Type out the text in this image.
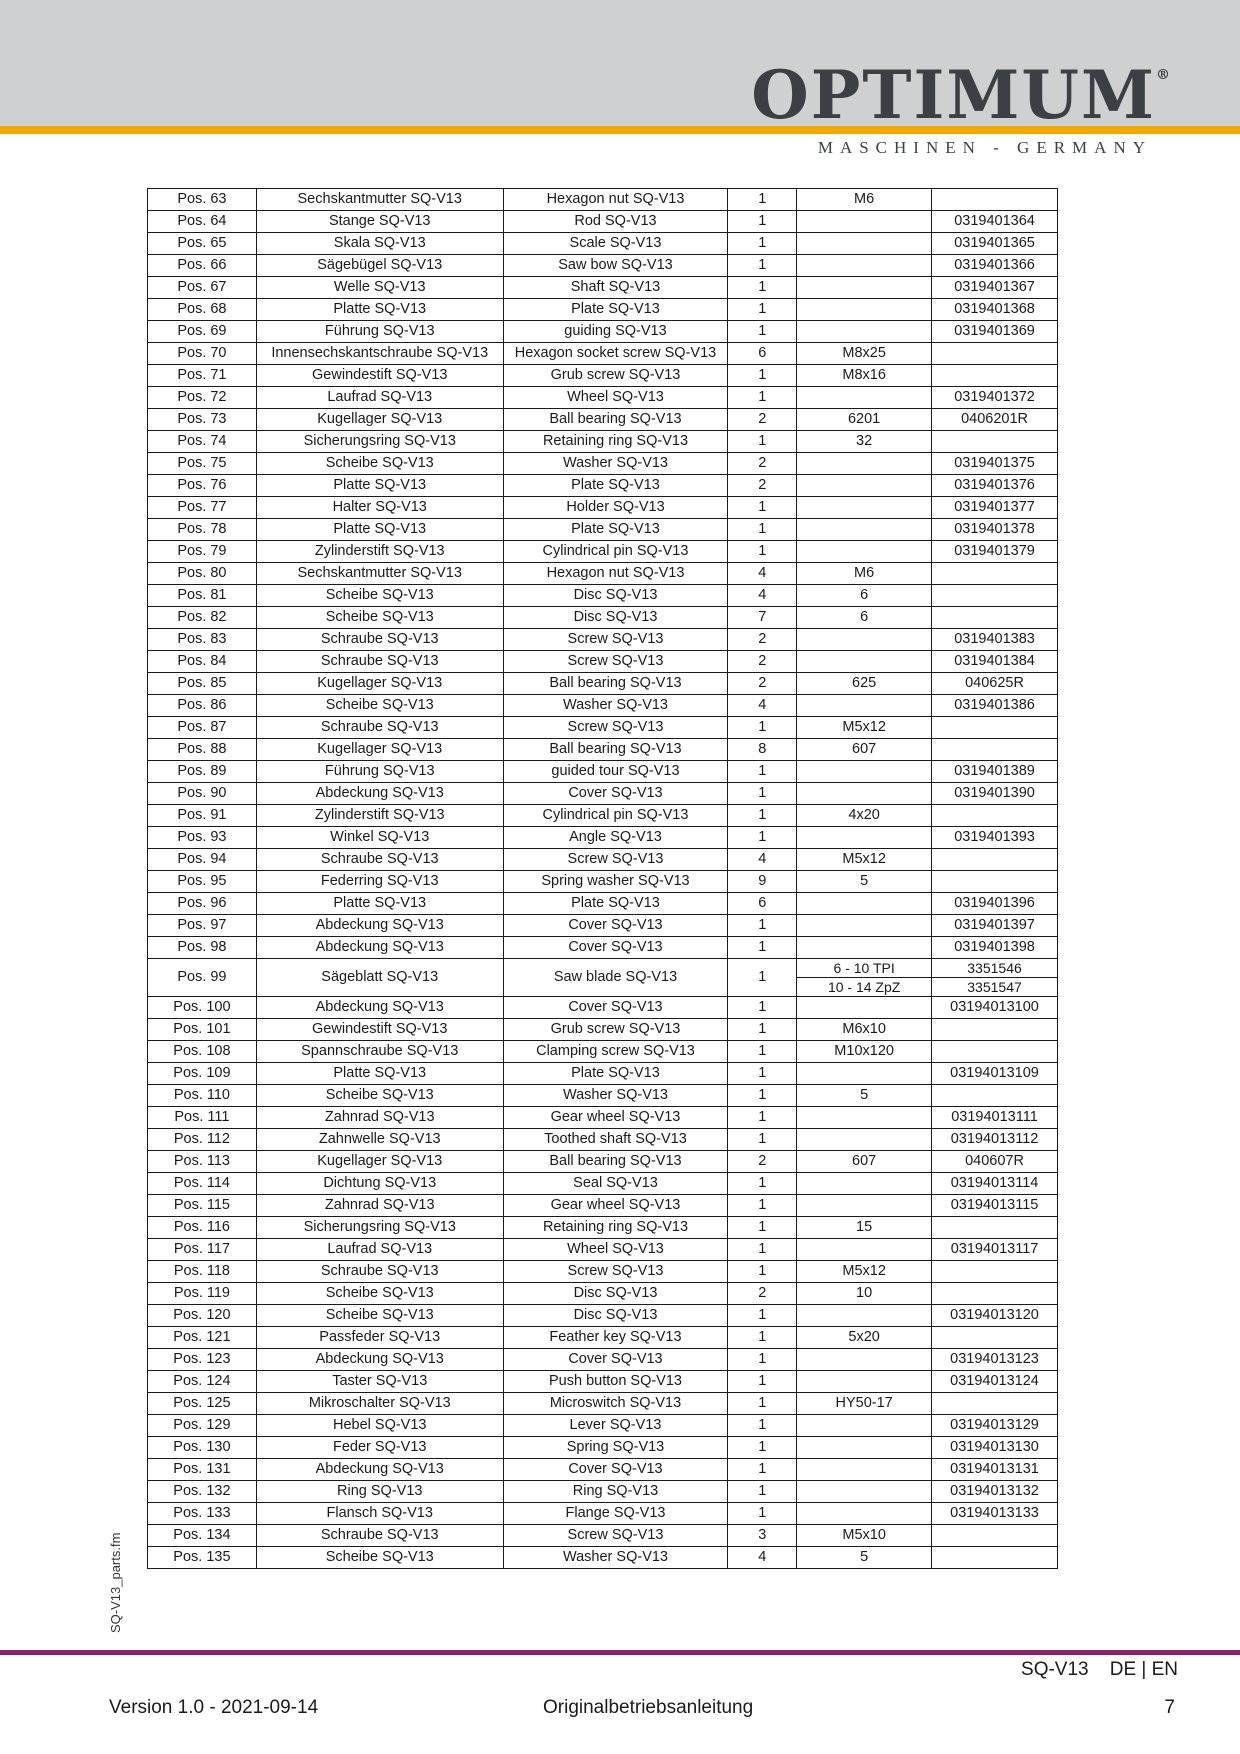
OPTIMUM®
MASCHINEN - GERMANY
Pos. 63	Sechskantmutter SQ-V13	Hexagon nut SQ-V13	1	M6	
Pos. 64	Stange SQ-V13	Rod SQ-V13	1		0319401364
Pos. 65	Skala SQ-V13	Scale SQ-V13	1		0319401365
Pos. 66	Sägebügel SQ-V13	Saw bow SQ-V13	1		0319401366
Pos. 67	Welle SQ-V13	Shaft SQ-V13	1		0319401367
Pos. 68	Platte SQ-V13	Plate SQ-V13	1		0319401368
Pos. 69	Führung SQ-V13	guiding SQ-V13	1		0319401369
Pos. 70	Innensechskantschraube SQ-V13	Hexagon socket screw SQ-V13	6	M8x25	
Pos. 71	Gewindestift SQ-V13	Grub screw SQ-V13	1	M8x16	
Pos. 72	Laufrad SQ-V13	Wheel SQ-V13	1		0319401372
Pos. 73	Kugellager SQ-V13	Ball bearing SQ-V13	2	6201	0406201R
Pos. 74	Sicherungsring SQ-V13	Retaining ring SQ-V13	1	32	
Pos. 75	Scheibe SQ-V13	Washer SQ-V13	2		0319401375
Pos. 76	Platte SQ-V13	Plate SQ-V13	2		0319401376
Pos. 77	Halter SQ-V13	Holder SQ-V13	1		0319401377
Pos. 78	Platte SQ-V13	Plate SQ-V13	1		0319401378
Pos. 79	Zylinderstift SQ-V13	Cylindrical pin SQ-V13	1		0319401379
Pos. 80	Sechskantmutter SQ-V13	Hexagon nut SQ-V13	4	M6	
Pos. 81	Scheibe SQ-V13	Disc SQ-V13	4	6	
Pos. 82	Scheibe SQ-V13	Disc SQ-V13	7	6	
Pos. 83	Schraube SQ-V13	Screw SQ-V13	2		0319401383
Pos. 84	Schraube SQ-V13	Screw SQ-V13	2		0319401384
Pos. 85	Kugellager SQ-V13	Ball bearing SQ-V13	2	625	040625R
Pos. 86	Scheibe SQ-V13	Washer SQ-V13	4		0319401386
Pos. 87	Schraube SQ-V13	Screw SQ-V13	1	M5x12	
Pos. 88	Kugellager SQ-V13	Ball bearing SQ-V13	8	607	
Pos. 89	Führung SQ-V13	guided tour SQ-V13	1		0319401389
Pos. 90	Abdeckung SQ-V13	Cover SQ-V13	1		0319401390
Pos. 91	Zylinderstift SQ-V13	Cylindrical pin SQ-V13	1	4x20	
Pos. 93	Winkel SQ-V13	Angle SQ-V13	1		0319401393
Pos. 94	Schraube SQ-V13	Screw SQ-V13	4	M5x12	
Pos. 95	Federring SQ-V13	Spring washer SQ-V13	9	5	
Pos. 96	Platte SQ-V13	Plate SQ-V13	6		0319401396
Pos. 97	Abdeckung SQ-V13	Cover SQ-V13	1		0319401397
Pos. 98	Abdeckung SQ-V13	Cover SQ-V13	1		0319401398
Pos. 99	Sägeblatt SQ-V13	Saw blade SQ-V13	1	6 - 10 TPI	3351546
				10 - 14 ZpZ	3351547
Pos. 100	Abdeckung SQ-V13	Cover SQ-V13	1		03194013100
Pos. 101	Gewindestift SQ-V13	Grub screw SQ-V13	1	M6x10	
Pos. 108	Spannschraube SQ-V13	Clamping screw SQ-V13	1	M10x120	
Pos. 109	Platte SQ-V13	Plate SQ-V13	1		03194013109
Pos. 110	Scheibe SQ-V13	Washer SQ-V13	1	5	
Pos. 111	Zahnrad SQ-V13	Gear wheel SQ-V13	1		03194013111
Pos. 112	Zahnwelle SQ-V13	Toothed shaft SQ-V13	1		03194013112
Pos. 113	Kugellager SQ-V13	Ball bearing SQ-V13	2	607	040607R
Pos. 114	Dichtung SQ-V13	Seal SQ-V13	1		03194013114
Pos. 115	Zahnrad SQ-V13	Gear wheel SQ-V13	1		03194013115
Pos. 116	Sicherungsring SQ-V13	Retaining ring SQ-V13	1	15	
Pos. 117	Laufrad SQ-V13	Wheel SQ-V13	1		03194013117
Pos. 118	Schraube SQ-V13	Screw SQ-V13	1	M5x12	
Pos. 119	Scheibe SQ-V13	Disc SQ-V13	2	10	
Pos. 120	Scheibe SQ-V13	Disc SQ-V13	1		03194013120
Pos. 121	Passfeder SQ-V13	Feather key SQ-V13	1	5x20	
Pos. 123	Abdeckung SQ-V13	Cover SQ-V13	1		03194013123
Pos. 124	Taster SQ-V13	Push button SQ-V13	1		03194013124
Pos. 125	Mikroschalter SQ-V13	Microswitch SQ-V13	1	HY50-17	
Pos. 129	Hebel SQ-V13	Lever SQ-V13	1		03194013129
Pos. 130	Feder SQ-V13	Spring SQ-V13	1		03194013130
Pos. 131	Abdeckung SQ-V13	Cover SQ-V13	1		03194013131
Pos. 132	Ring SQ-V13	Ring SQ-V13	1		03194013132
Pos. 133	Flansch SQ-V13	Flange SQ-V13	1		03194013133
Pos. 134	Schraube SQ-V13	Screw SQ-V13	3	M5x10	
Pos. 135	Scheibe SQ-V13	Washer SQ-V13	4	5	
SQ-V13_parts.fm
SQ-V13    DE | EN
Version 1.0 - 2021-09-14	Originalbetriebsanleitung	7
